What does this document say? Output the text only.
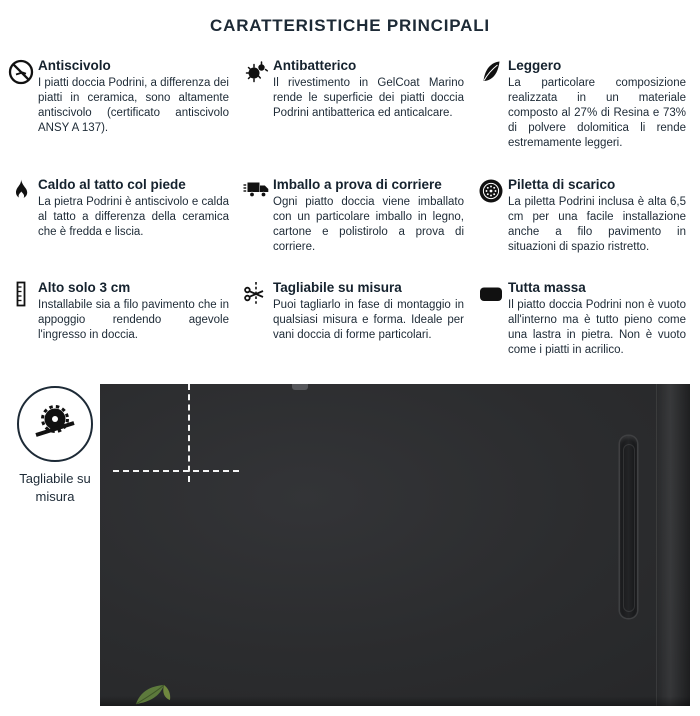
CARATTERISTICHE PRINCIPALI
Antiscivolo

I piatti doccia Podrini, a differenza dei piatti in ceramica, sono altamente antiscivolo (certificato antiscivolo ANSY A 137).

Antibatterico

Il rivestimento in GelCoat Marino rende le superficie dei piatti doccia Podrini antibatterica ed anticalcare.

Leggero

La particolare composizione realizzata in un materiale composto al 27% di Resina e 73% di polvere dolomitica li rende estremamente leggeri.

Caldo al tatto col piede

La pietra Podrini è antiscivolo e calda al tatto a differenza della ceramica che è fredda e liscia.

Imballo a prova di corriere

Ogni piatto doccia viene imballato con un particolare imballo in legno, cartone e polistirolo a prova di corriere.

Piletta di scarico

La piletta Podrini inclusa è alta 6,5 cm per una facile installazione anche a filo pavimento in situazioni di spazio ristretto.

Alto solo 3 cm

Installabile sia a filo pavimento che in appoggio rendendo agevole l'ingresso in doccia.

Tagliabile su misura

Puoi tagliarlo in fase di montaggio in qualsiasi misura e forma. Ideale per vani doccia di forme particolari.

Tutta massa

Il piatto doccia Podrini non è vuoto all'interno ma è tutto pieno come una lastra in pietra. Non è vuoto come i piatti in acrilico.

Tagliabile su misura
